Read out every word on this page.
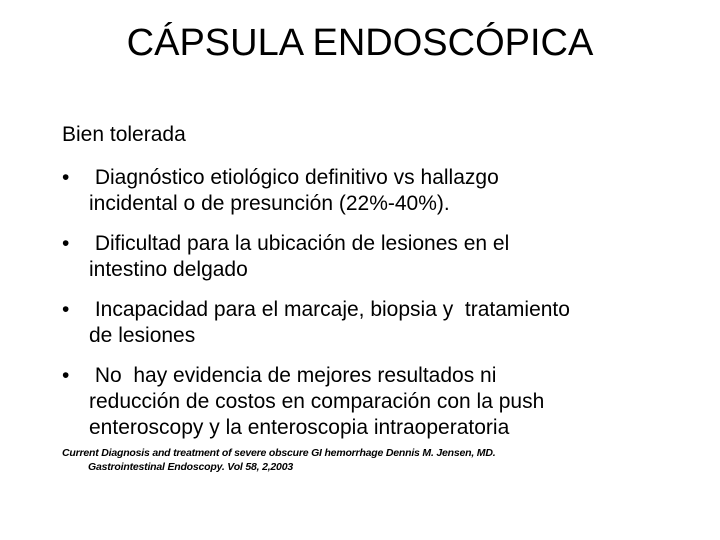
CÁPSULA ENDOSCÓPICA
Bien tolerada
• Diagnóstico etiológico definitivo vs hallazgo
incidental o de presunción (22%-40%).
• Dificultad para la ubicación de lesiones en el
intestino delgado
• Incapacidad para el marcaje, biopsia y  tratamiento
de lesiones
• No  hay evidencia de mejores resultados ni
reducción de costos en comparación con la push
enteroscopy y la enteroscopia intraoperatoria
Current Diagnosis and treatment of severe obscure GI hemorrhage Dennis M. Jensen, MD.
Gastrointestinal Endoscopy. Vol 58, 2,2003
